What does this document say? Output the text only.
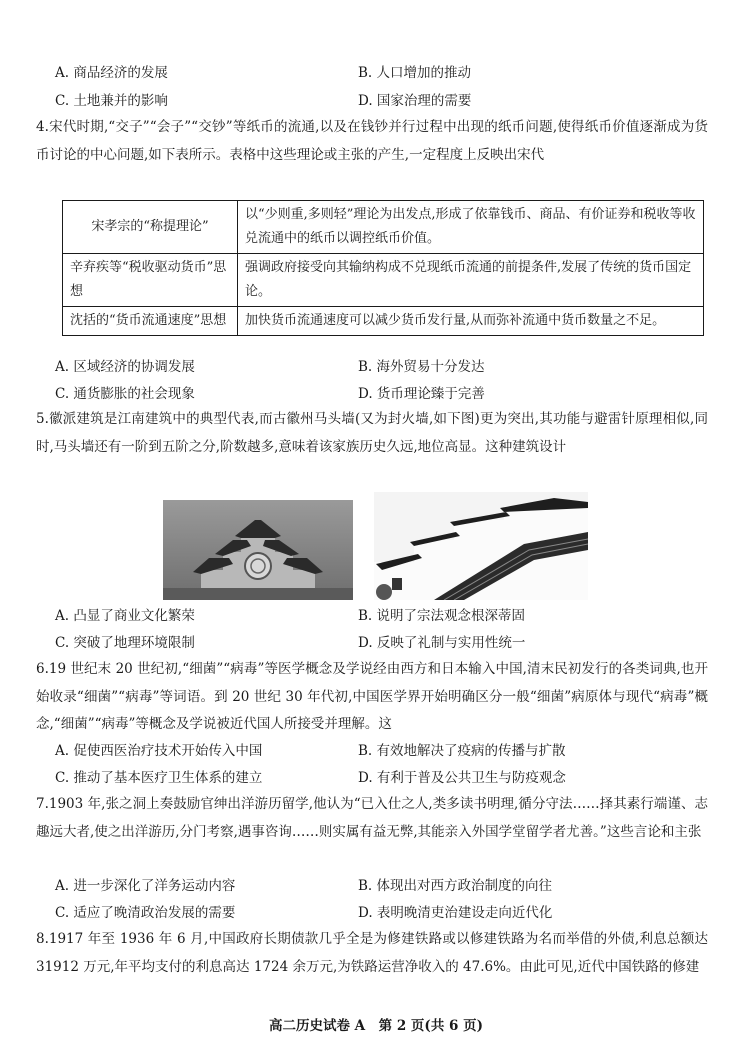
A. 商品经济的发展	B. 人口增加的推动
C. 土地兼并的影响	D. 国家治理的需要
4.宋代时期,“交子”“会子”“交钞”等纸币的流通,以及在钱钞并行过程中出现的纸币问题,使得纸币价值逐渐成为货币讨论的中心问题,如下表所示。表格中这些理论或主张的产生,一定程度上反映出宋代
宋孝宗的“称提理论”	以“少则重,多则轻”理论为出发点,形成了依靠钱币、商品、有价证券和税收等收兑流通中的纸币以调控纸币价值。
辛弃疾等“税收驱动货币”思想	强调政府接受向其输纳构成不兑现纸币流通的前提条件,发展了传统的货币国定论。
沈括的“货币流通速度”思想	加快货币流通速度可以减少货币发行量,从而弥补流通中货币数量之不足。
A. 区域经济的协调发展	B. 海外贸易十分发达
C. 通货膨胀的社会现象	D. 货币理论臻于完善
5.徽派建筑是江南建筑中的典型代表,而古徽州马头墙(又为封火墙,如下图)更为突出,其功能与避雷针原理相似,同时,马头墙还有一阶到五阶之分,阶数越多,意味着该家族历史久远,地位高显。这种建筑设计
A. 凸显了商业文化繁荣	B. 说明了宗法观念根深蒂固
C. 突破了地理环境限制	D. 反映了礼制与实用性统一
6.19 世纪末 20 世纪初,“细菌”“病毒”等医学概念及学说经由西方和日本输入中国,清末民初发行的各类词典,也开始收录“细菌”“病毒”等词语。到 20 世纪 30 年代初,中国医学界开始明确区分一般“细菌”病原体与现代“病毒”概念,“细菌”“病毒”等概念及学说被近代国人所接受并理解。这
A. 促使西医治疗技术开始传入中国	B. 有效地解决了疫病的传播与扩散
C. 推动了基本医疗卫生体系的建立	D. 有利于普及公共卫生与防疫观念
7.1903 年,张之洞上奏鼓励官绅出洋游历留学,他认为“已入仕之人,类多读书明理,循分守法……择其素行端谨、志趣远大者,使之出洋游历,分门考察,遇事咨询……则实属有益无弊,其能亲入外国学堂留学者尤善。”这些言论和主张
A. 进一步深化了洋务运动内容	B. 体现出对西方政治制度的向往
C. 适应了晚清政治发展的需要	D. 表明晚清吏治建设走向近代化
8.1917 年至 1936 年 6 月,中国政府长期债款几乎全是为修建铁路或以修建铁路为名而举借的外债,利息总额达 31912 万元,年平均支付的利息高达 1724 余万元,为铁路运营净收入的 47.6%。由此可见,近代中国铁路的修建
高二历史试卷 A　第 2 页(共 6 页)
